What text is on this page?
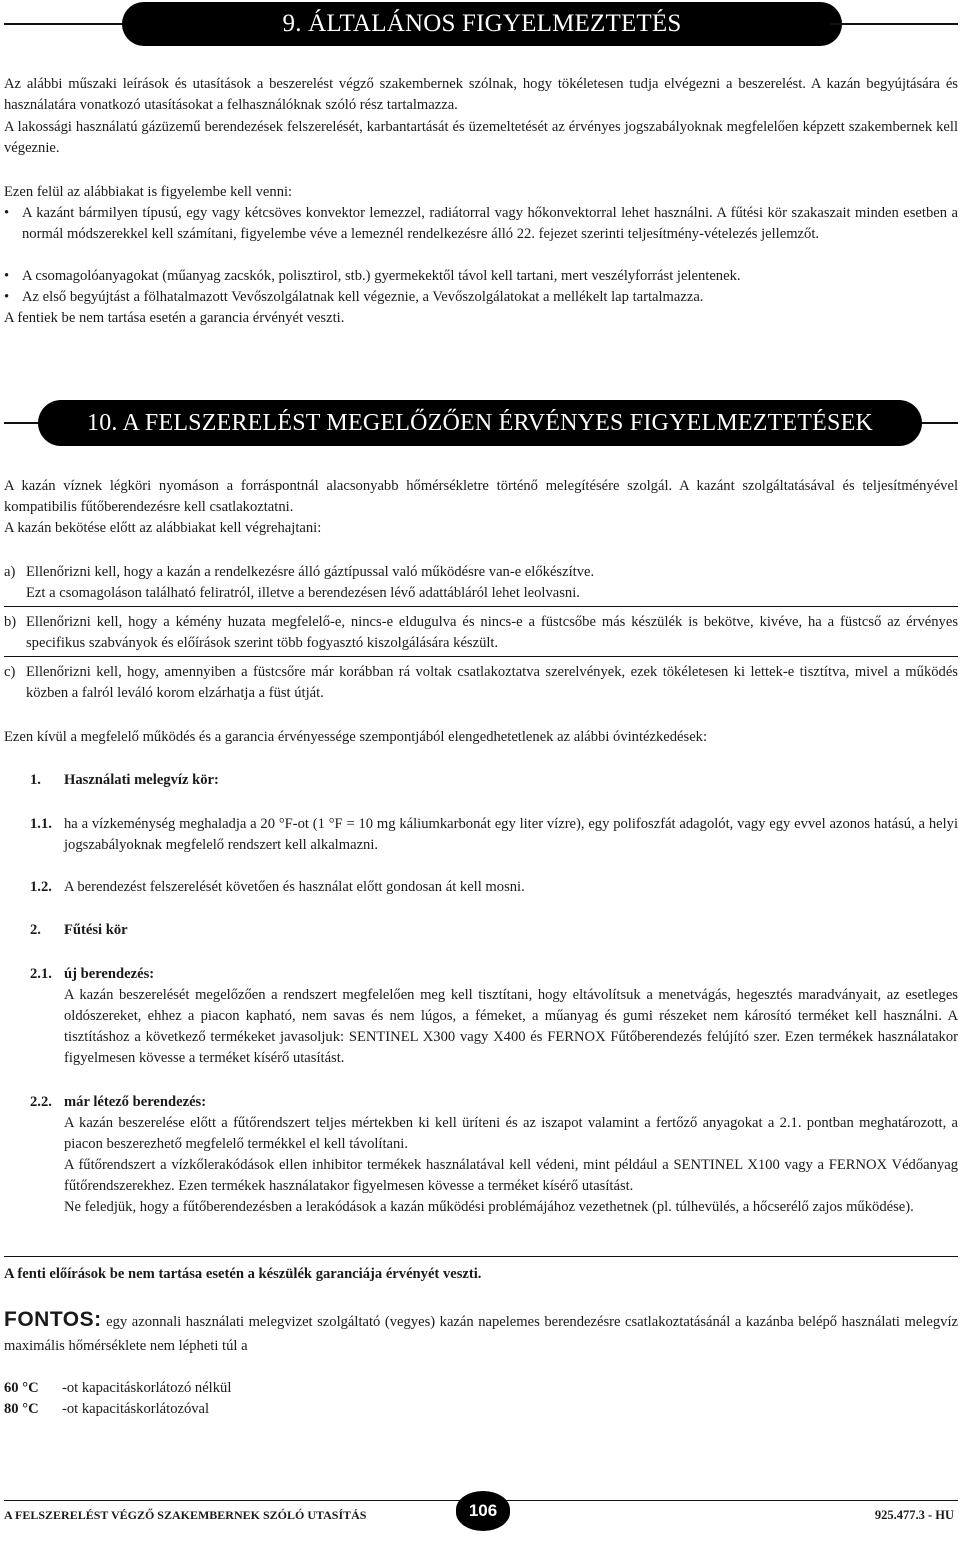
9. ÁLTALÁNOS FIGYELMEZTETÉS

Az alábbi műszaki leírások és utasítások a beszerelést végző szakembernek szólnak, hogy tökéletesen tudja elvégezni a beszerelést. A kazán begyújtására és használatára vonatkozó utasításokat a felhasználóknak szóló rész tartalmazza.

A lakossági használatú gázüzemű berendezések felszerelését, karbantartását és üzemeltetését az érvényes jogszabályoknak megfelelően képzett szakembernek kell végeznie.

Ezen felül az alábbiakat is figyelembe kell venni:

• A kazánt bármilyen típusú, egy vagy kétcsöves konvektor lemezzel, radiátorral vagy hőkonvektorral lehet használni. A fűtési kör szakaszait minden esetben a normál módszerekkel kell számítani, figyelembe véve a lemeznél rendelkezésre álló 22. fejezet szerinti teljesítmény-vételezés jellemzőt.
• A csomagolóanyagokat (műanyag zacskók, polisztirol, stb.) gyermekektől távol kell tartani, mert veszélyforrást jelentenek.
• Az első begyújtást a fölhatalmazott Vevőszolgálatnak kell végeznie, a Vevőszolgálatokat a mellékelt lap tartalmazza.

A fentiek be nem tartása esetén a garancia érvényét veszti.

10. A FELSZERELÉST MEGELŐZŐEN ÉRVÉNYES FIGYELMEZTETÉSEK

A kazán víznek légköri nyomáson a forráspontnál alacsonyabb hőmérsékletre történő melegítésére szolgál. A kazánt szolgáltatásával és teljesítményével kompatibilis fűtőberendezésre kell csatlakoztatni.

A kazán bekötése előtt az alábbiakat kell végrehajtani:

a) Ellenőrizni kell, hogy a kazán a rendelkezésre álló gáztípussal való működésre van-e előkészítve.
Ezt a csomagoláson található feliratról, illetve a berendezésen lévő adattábláról lehet leolvasni.
b) Ellenőrizni kell, hogy a kémény huzata megfelelő-e, nincs-e eldugulva és nincs-e a füstcsőbe más készülék is bekötve, kivéve, ha a füstcső az érvényes specifikus szabványok és előírások szerint több fogyasztó kiszolgálására készült.
c) Ellenőrizni kell, hogy, amennyiben a füstcsőre már korábban rá voltak csatlakoztatva szerelvények, ezek tökéletesen ki lettek-e tisztítva, mivel a működés közben a falról leváló korom elzárhatja a füst útját.

Ezen kívül a megfelelő működés és a garancia érvényessége szempontjából elengedhetetlenek az alábbi óvintézkedések:

1.	Használati melegvíz kör:
1.1. ha a vízkeménység meghaladja a 20 °F-ot (1 °F = 10 mg káliumkarbonát egy liter vízre), egy polifoszfát adagolót, vagy egy evvel azonos hatású, a helyi jogszabályoknak megfelelő rendszert kell alkalmazni.
1.2. A berendezést felszerelését követően és használat előtt gondosan át kell mosni.
2.	Fűtési kör
2.1. új berendezés:
A kazán beszerelését megelőzően a rendszert megfelelően meg kell tisztítani, hogy eltávolítsuk a menetvágás, hegesztés maradványait, az esetleges oldószereket, ehhez a piacon kapható, nem savas és nem lúgos, a fémeket, a műanyag és gumi részeket nem károsító terméket kell használni. A tisztításhoz a következő termékeket javasoljuk: SENTINEL X300 vagy X400 és FERNOX Fűtőberendezés felújító szer. Ezen termékek használatakor figyelmesen kövesse a terméket kísérő utasítást.
2.2. már létező berendezés:
A kazán beszerelése előtt a fűtőrendszert teljes mértekben ki kell üríteni és az iszapot valamint a fertőző anyagokat a 2.1. pontban meghatározott, a piacon beszerezhető megfelelő termékkel el kell távolítani.
A fűtőrendszert a vízkőlerakódások ellen inhibitor termékek használatával kell védeni, mint például a SENTINEL X100 vagy a FERNOX Védőanyag fűtőrendszerekhez. Ezen termékek használatakor figyelmesen kövesse a terméket kísérő utasítást.
Ne feledjük, hogy a fűtőberendezésben a lerakódások a kazán működési problémájához vezethetnek (pl. túlhevülés, a hőcserélő zajos működése).

A fenti előírások be nem tartása esetén a készülék garanciája érvényét veszti.

FONTOS: egy azonnali használati melegvizet szolgáltató (vegyes) kazán napelemes berendezésre csatlakoztatásánál a kazánba belépő használati melegvíz maximális hőmérséklete nem lépheti túl a

60 °C -ot kapacitáskorlátozó nélkül
80 °C -ot kapacitáskorlátozóval
A FELSZERELÉST VÉGZŐ SZAKEMBERNEK SZÓLÓ UTASÍTÁS	106	925.477.3 - HU
